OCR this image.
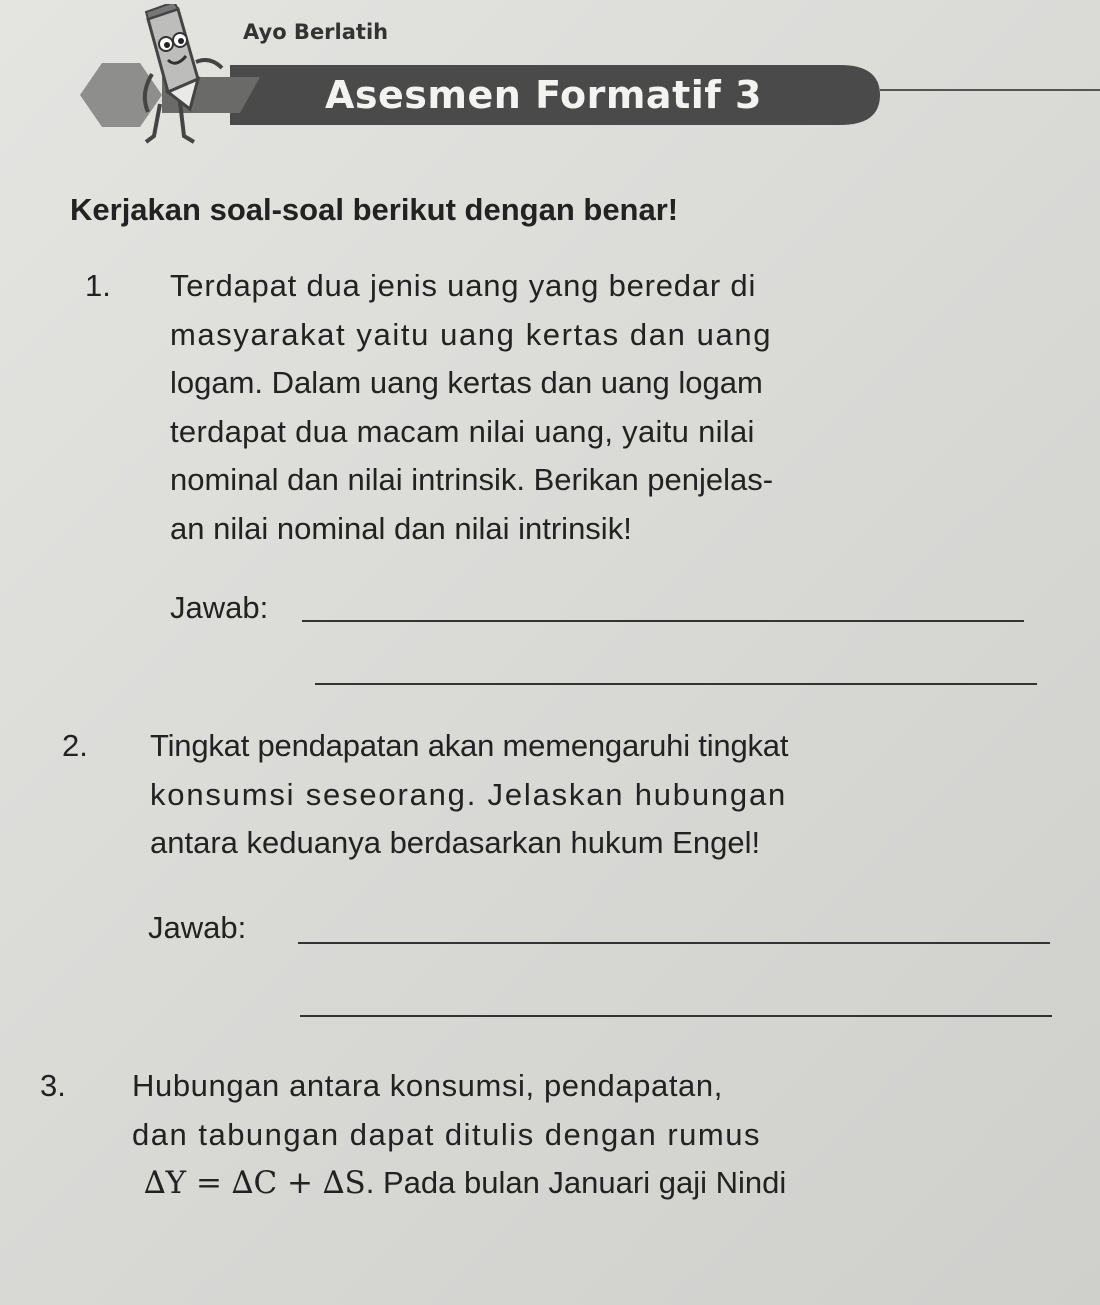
Ayo Berlatih
Asesmen Formatif 3
Kerjakan soal-soal berikut dengan benar!
1. Terdapat dua jenis uang yang beredar di
masyarakat yaitu uang kertas dan uang
logam. Dalam uang kertas dan uang logam
terdapat dua macam nilai uang, yaitu nilai
nominal dan nilai intrinsik. Berikan penjelas-
an nilai nominal dan nilai intrinsik!
Jawab:
2. Tingkat pendapatan akan memengaruhi tingkat
konsumsi seseorang. Jelaskan hubungan
antara keduanya berdasarkan hukum Engel!
Jawab:
3. Hubungan antara konsumsi, pendapatan,
dan tabungan dapat ditulis dengan rumus
∆Y = ∆C + ∆S. Pada bulan Januari gaji Nindi
